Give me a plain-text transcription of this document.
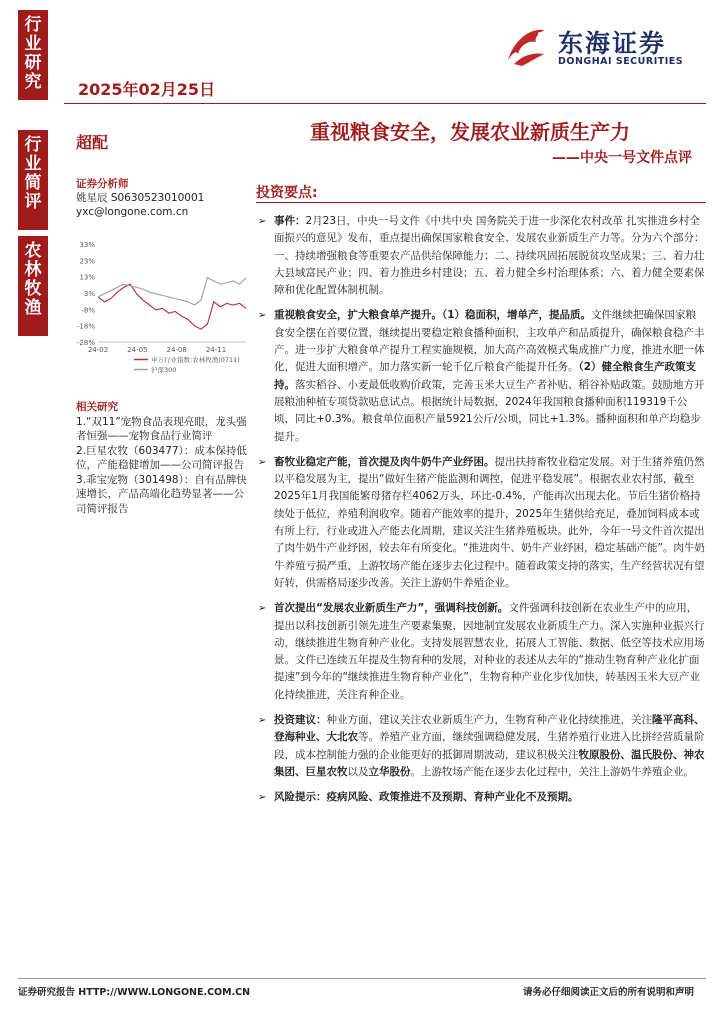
行
业
研
究
行
业
简
评
农
林
牧
渔
2025年02月25日
东海证券
DONGHAI SECURITIES
超配	重视粮食安全，发展农业新质生产力
——中央一号文件点评
证券分析师
姚星辰 S0630523010001
yxc@longone.com.cn
33%
23%
13%
3%
-8%
-18%
-28%
24-02	24-05	24-08	24-11
申万行业指数:农林牧渔(0711)
沪深300
相关研究
1.“双11”宠物食品表现亮眼，龙头强者恒强——宠物食品行业简评
2.巨星农牧（603477）：成本保持低位，产能稳健增加——公司简评报告
3.乖宝宠物（301498）：自有品牌快速增长，产品高端化趋势显著——公司简评报告
投资要点:
➢ 事件：2月23日，中央一号文件《中共中央 国务院关于进一步深化农村改革 扎实推进乡村全面振兴的意见》发布，重点提出确保国家粮食安全、发展农业新质生产力等。分为六个部分：一、持续增强粮食等重要农产品供给保障能力；二、持续巩固拓展脱贫攻坚成果；三、着力壮大县域富民产业；四、着力推进乡村建设；五、着力健全乡村治理体系；六、着力健全要素保障和优化配置体制机制。
➢ 重视粮食安全，扩大粮食单产提升。（1）稳面积，增单产，提品质。文件继续把确保国家粮食安全摆在首要位置，继续提出要稳定粮食播种面积，主攻单产和品质提升，确保粮食稳产丰产。进一步扩大粮食单产提升工程实施规模，加大高产高效模式集成推广力度，推进水肥一体化，促进大面积增产。加力落实新一轮千亿斤粮食产能提升任务。（2）健全粮食生产政策支持。落实稻谷、小麦最低收购价政策，完善玉米大豆生产者补贴、稻谷补贴政策。鼓励地方开展粮油种植专项贷款贴息试点。根据统计局数据，2024年我国粮食播种面积119319千公顷，同比+0.3%。粮食单位面积产量5921公斤/公顷，同比+1.3%。播种面积和单产均稳步提升。
➢ 畜牧业稳定产能，首次提及肉牛奶牛产业纾困。提出扶持畜牧业稳定发展。对于生猪养殖仍然以平稳发展为主，提出“做好生猪产能监测和调控，促进平稳发展”。根据农业农村部，截至2025年1月我国能繁母猪存栏4062万头，环比-0.4%，产能再次出现去化。节后生猪价格持续处于低位，养殖利润收窄。随着产能效率的提升，2025年生猪供给充足，叠加饲料成本或有所上行，行业或进入产能去化周期，建议关注生猪养殖板块。此外，今年一号文件首次提出了肉牛奶牛产业纾困，较去年有所变化。“推进肉牛、奶牛产业纾困，稳定基础产能”。肉牛奶牛养殖亏损严重，上游牧场产能在逐步去化过程中。随着政策支持的落实，生产经营状况有望好转，供需格局逐步改善。关注上游奶牛养殖企业。
➢ 首次提出“发展农业新质生产力”，强调科技创新。文件强调科技创新在农业生产中的应用，提出以科技创新引领先进生产要素集聚，因地制宜发展农业新质生产力。深入实施种业振兴行动，继续推进生物育种产业化。支持发展智慧农业，拓展人工智能、数据、低空等技术应用场景。文件已连续五年提及生物育种的发展，对种业的表述从去年的“推动生物育种产业化扩面提速”到今年的“继续推进生物育种产业化”，生物育种产业化步伐加快，转基因玉米大豆产业化持续推进，关注育种企业。
➢ 投资建议：种业方面，建议关注农业新质生产力，生物育种产业化持续推进，关注隆平高科、登海种业、大北农等。养殖产业方面，继续强调稳健发展，生猪养殖行业进入比拼经营质量阶段，成本控制能力强的企业能更好的抵御周期波动，建议积极关注牧原股份、温氏股份、神农集团、巨星农牧以及立华股份。上游牧场产能在逐步去化过程中，关注上游奶牛养殖企业。
➢ 风险提示：疫病风险、政策推进不及预期、育种产业化不及预期。
证券研究报告 HTTP://WWW.LONGONE.COM.CN	请务必仔细阅读正文后的所有说明和声明
